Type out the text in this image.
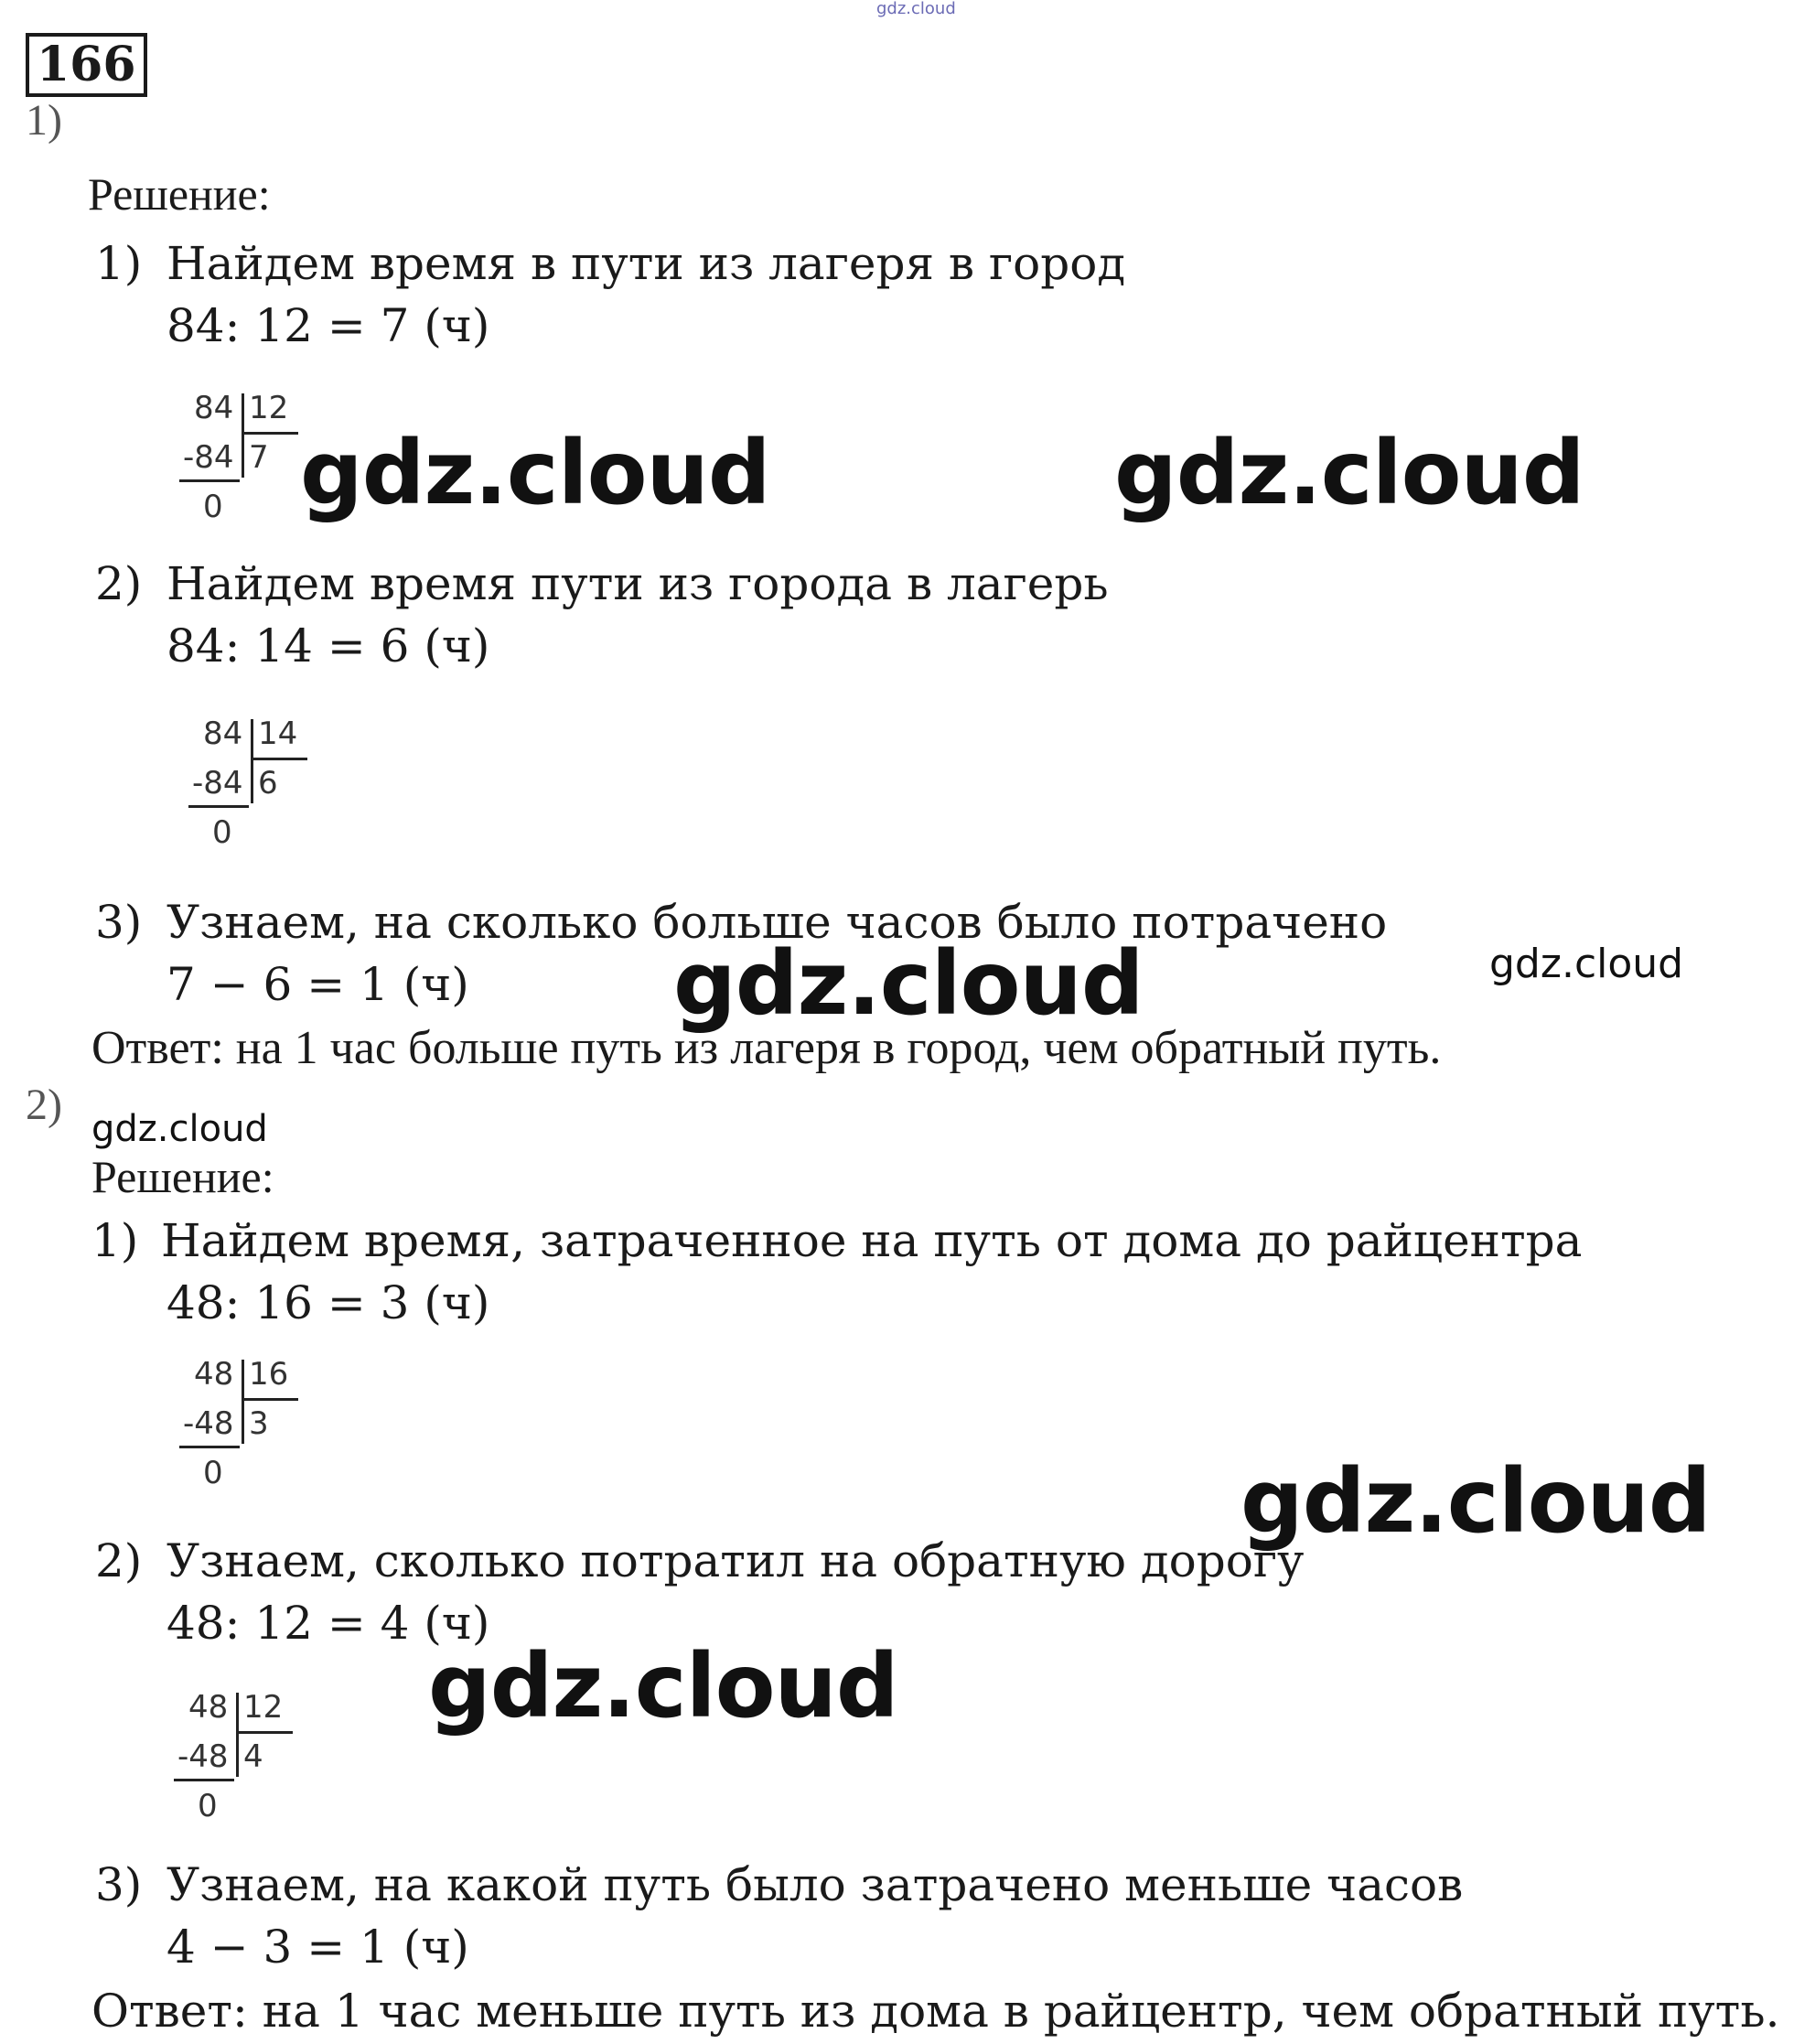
gdz.cloud
166
1)
Решение:
1) Найдем время в пути из лагеря в город
84: 12 = 7 (ч)
84 12
-84 7
0
2) Найдем время пути из города в лагерь
84: 14 = 6 (ч)
84 14
-84 6
0
3) Узнаем, на сколько больше часов было потрачено
7 − 6 = 1 (ч)
Ответ: на 1 час больше путь из лагеря в город, чем обратный путь.
2)
Решение:
1) Найдем время, затраченное на путь от дома до райцентра
48: 16 = 3 (ч)
48 16
-48 3
0
2) Узнаем, сколько потратил на обратную дорогу
48: 12 = 4 (ч)
48 12
-48 4
0
3) Узнаем, на какой путь было затрачено меньше часов
4 − 3 = 1 (ч)
Ответ: на 1 час меньше путь из дома в райцентр, чем обратный путь.
gdz.cloud	gdz.cloud
gdz.cloud	gdz.cloud
gdz.cloud
gdz.cloud
gdz.cloud
